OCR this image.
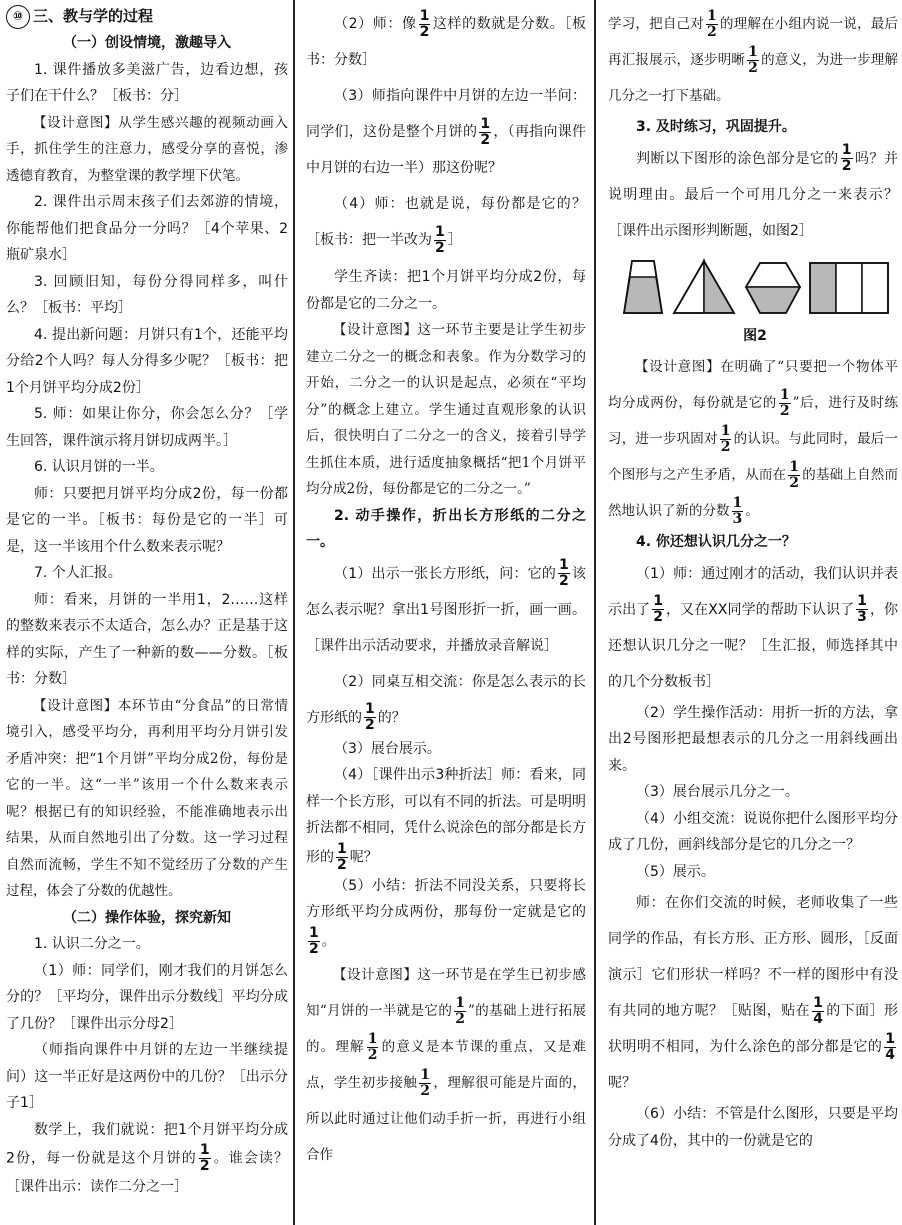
⑩ 三、教与学的过程

（一）创设情境，激趣导入

1. 课件播放多美滋广告，边看边想，孩子们在干什么？［板书：分］

【设计意图】从学生感兴趣的视频动画入手，抓住学生的注意力，感受分享的喜悦，渗透德育教育，为整堂课的教学埋下伏笔。

2. 课件出示周末孩子们去郊游的情境，你能帮他们把食品分一分吗？［4个苹果、2瓶矿泉水］

3. 回顾旧知，每份分得同样多，叫什么？［板书：平均］

4. 提出新问题：月饼只有1个，还能平均分给2个人吗？每人分得多少呢？［板书：把1个月饼平均分成2份］

5. 师：如果让你分，你会怎么分？［学生回答，课件演示将月饼切成两半。］

6. 认识月饼的一半。

师：只要把月饼平均分成2份，每一份都是它的一半。［板书：每份是它的一半］可是，这一半该用个什么数来表示呢？

7. 个人汇报。

师：看来，月饼的一半用1，2……这样的整数来表示不太适合，怎么办？正是基于这样的实际，产生了一种新的数——分数。［板书：分数］

【设计意图】本环节由“分食品”的日常情境引入，感受平均分，再利用平均分月饼引发矛盾冲突：把“1个月饼”平均分成2份，每份是它的一半。这“一半”该用一个什么数来表示呢？根据已有的知识经验，不能准确地表示出结果，从而自然地引出了分数。这一学习过程自然而流畅，学生不知不觉经历了分数的产生过程，体会了分数的优越性。

（二）操作体验，探究新知

1. 认识二分之一。

（1）师：同学们，刚才我们的月饼怎么分的？［平均分，课件出示分数线］平均分成了几份？［课件出示分母2］

（师指向课件中月饼的左边一半继续提问）这一半正好是这两份中的几份？［出示分子1］

数学上，我们就说：把1个月饼平均分成2份，每一份就是这个月饼的 $\frac{1}{2}$ 。谁会读？［课件出示：读作二分之一］

（2）师：像 $\frac{1}{2}$ 这样的数就是分数。［板书：分数］

（3）师指向课件中月饼的左边一半问：同学们，这份是整个月饼的 $\frac{1}{2}$ ，（再指向课件中月饼的右边一半）那这份呢？

（4）师：也就是说，每份都是它的？［板书：把一半改为 $\frac{1}{2}$ ］

学生齐读：把1个月饼平均分成2份，每份都是它的二分之一。

【设计意图】这一环节主要是让学生初步建立二分之一的概念和表象。作为分数学习的开始，二分之一的认识是起点，必须在“平均分”的概念上建立。学生通过直观形象的认识后，很快明白了二分之一的含义，接着引导学生抓住本质，进行适度抽象概括“把1个月饼平均分成2份，每份都是它的二分之一。”

2. 动手操作，折出长方形纸的二分之一。

（1）出示一张长方形纸，问：它的 $\frac{1}{2}$ 该怎么表示呢？拿出1号图形折一折，画一画。［课件出示活动要求，并播放录音解说］

（2）同桌互相交流：你是怎么表示的长方形纸的 $\frac{1}{2}$ 的？

（3）展台展示。

（4）［课件出示3种折法］师：看来，同样一个长方形，可以有不同的折法。可是明明折法都不相同，凭什么说涂色的部分都是长方形的 $\frac{1}{2}$ 呢？

（5）小结：折法不同没关系，只要将长方形纸平均分成两份，那每份一定就是它的
$\frac{1}{2}$ 。

【设计意图】这一环节是在学生已初步感知“月饼的一半就是它的 $\frac{1}{2}$ ”的基础上进行拓展的。理解 $\frac{1}{2}$ 的意义是本节课的重点，又是难点，学生初步接触 $\frac{1}{2}$ ，理解很可能是片面的，所以此时通过让他们动手折一折，再进行小组合作

学习，把自己对 $\frac{1}{2}$ 的理解在小组内说一说，最后再汇报展示，逐步明晰 $\frac{1}{2}$ 的意义，为进一步理解几分之一打下基础。

3. 及时练习，巩固提升。

判断以下图形的涂色部分是它的 $\frac{1}{2}$ 吗？并说明理由。最后一个可用几分之一来表示？［课件出示图形判断题，如图2］

图2

【设计意图】在明确了“只要把一个物体平均分成两份，每份就是它的 $\frac{1}{2}$ ”后，进行及时练习，进一步巩固对 $\frac{1}{2}$ 的认识。与此同时，最后一个图形与之产生矛盾，从而在 $\frac{1}{2}$ 的基础上自然而然地认识了新的分数 $\frac{1}{3}$ 。

4. 你还想认识几分之一？

（1）师：通过刚才的活动，我们认识并表示出了 $\frac{1}{2}$ ，又在XX同学的帮助下认识了 $\frac{1}{3}$ ，你还想认识几分之一呢？［生汇报，师选择其中的几个分数板书］

（2）学生操作活动：用折一折的方法，拿出2号图形把最想表示的几分之一用斜线画出来。

（3）展台展示几分之一。

（4）小组交流：说说你把什么图形平均分成了几份，画斜线部分是它的几分之一？

（5）展示。

师：在你们交流的时候，老师收集了一些同学的作品，有长方形、正方形、圆形，［反面演示］它们形状一样吗？不一样的图形中有没有共同的地方呢？［贴图，贴在 $\frac{1}{4}$ 的下面］形状明明不相同，为什么涂色的部分都是它的 $\frac{1}{4}$
呢？

（6）小结：不管是什么图形，只要是平均分成了4份，其中的一份就是它的
